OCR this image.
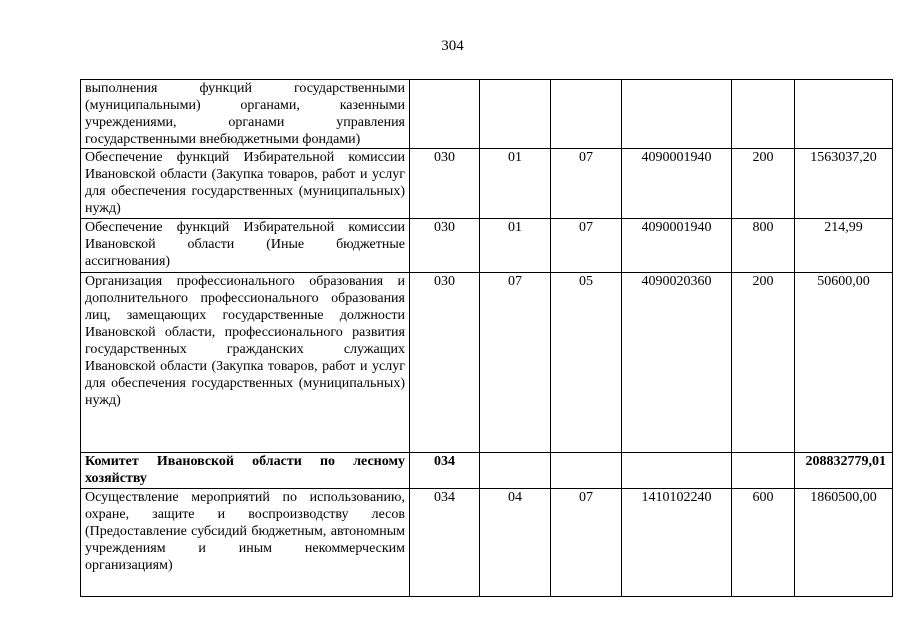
304
выполнения функций государственными (муниципальными) органами, казенными учреждениями, органами управления государственными внебюджетными фондами)						
Обеспечение функций Избирательной комиссии Ивановской области (Закупка товаров, работ и услуг для обеспечения государственных (муниципальных) нужд)	030	01	07	4090001940	200	1563037,20
Обеспечение функций Избирательной комиссии Ивановской области (Иные бюджетные ассигнования)	030	01	07	4090001940	800	214,99
Организация профессионального образования и дополнительного профессионального образования лиц, замещающих государственные должности Ивановской области, профессионального развития государственных гражданских служащих Ивановской области (Закупка товаров, работ и услуг для обеспечения государственных (муниципальных) нужд)	030	07	05	4090020360	200	50600,00
Комитет Ивановской области по лесному хозяйству	034					208832779,01
Осуществление мероприятий по использованию, охране, защите и воспроизводству лесов (Предоставление субсидий бюджетным, автономным учреждениям и иным некоммерческим организациям)	034	04	07	1410102240	600	1860500,00
